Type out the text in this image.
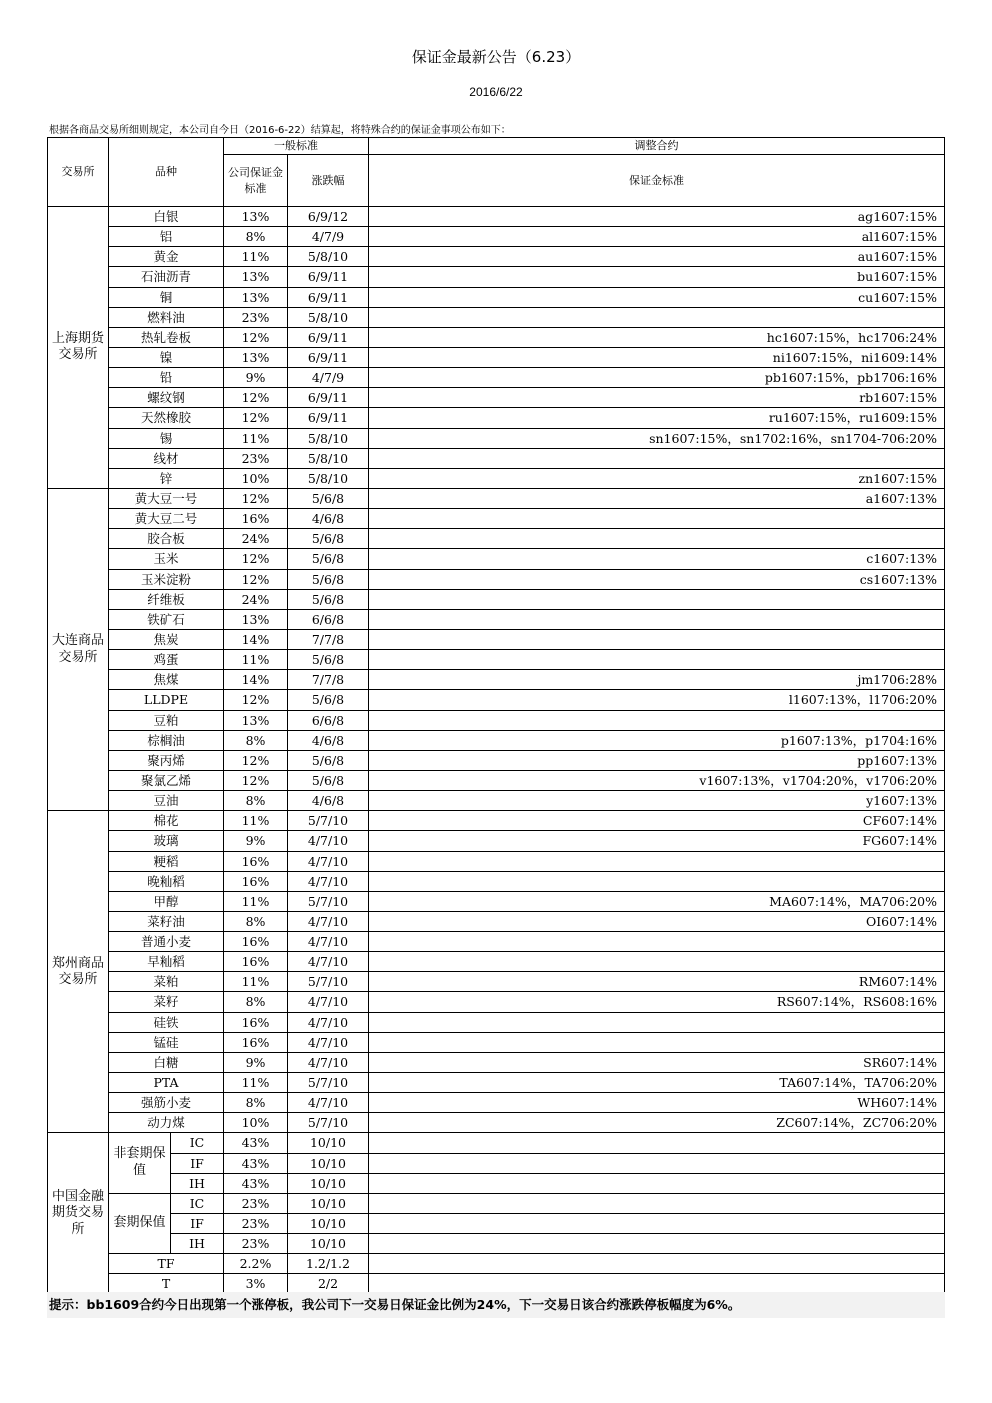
保证金最新公告（6.23）
2016/6/22
根据各商品交易所细则规定，本公司自今日（2016-6-22）结算起，将特殊合约的保证金事项公布如下：
交易所	品种		一般标准		调整合约
			公司保证金标准	涨跌幅	保证金标准
上海期货交易所	白银		13%	6/9/12	ag1607:15%
	铝		8%	4/7/9	al1607:15%
	黄金		11%	5/8/10	au1607:15%
	石油沥青		13%	6/9/11	bu1607:15%
	铜		13%	6/9/11	cu1607:15%
	燃料油		23%	5/8/10	
	热轧卷板		12%	6/9/11	hc1607:15%，hc1706:24%
	镍		13%	6/9/11	ni1607:15%，ni1609:14%
	铅		9%	4/7/9	pb1607:15%，pb1706:16%
	螺纹钢		12%	6/9/11	rb1607:15%
	天然橡胶		12%	6/9/11	ru1607:15%，ru1609:15%
	锡		11%	5/8/10	sn1607:15%，sn1702:16%，sn1704-706:20%
	线材		23%	5/8/10	
	锌		10%	5/8/10	zn1607:15%
大连商品交易所	黄大豆一号		12%	5/6/8	a1607:13%
	黄大豆二号		16%	4/6/8	
	胶合板		24%	5/6/8	
	玉米		12%	5/6/8	c1607:13%
	玉米淀粉		12%	5/6/8	cs1607:13%
	纤维板		24%	5/6/8	
	铁矿石		13%	6/6/8	
	焦炭		14%	7/7/8	
	鸡蛋		11%	5/6/8	
	焦煤		14%	7/7/8	jm1706:28%
	LLDPE		12%	5/6/8	l1607:13%，l1706:20%
	豆粕		13%	6/6/8	
	棕榈油		8%	4/6/8	p1607:13%，p1704:16%
	聚丙烯		12%	5/6/8	pp1607:13%
	聚氯乙烯		12%	5/6/8	v1607:13%，v1704:20%，v1706:20%
	豆油		8%	4/6/8	y1607:13%
郑州商品交易所	棉花		11%	5/7/10	CF607:14%
	玻璃		9%	4/7/10	FG607:14%
	粳稻		16%	4/7/10	
	晚籼稻		16%	4/7/10	
	甲醇		11%	5/7/10	MA607:14%，MA706:20%
	菜籽油		8%	4/7/10	OI607:14%
	普通小麦		16%	4/7/10	
	早籼稻		16%	4/7/10	
	菜粕		11%	5/7/10	RM607:14%
	菜籽		8%	4/7/10	RS607:14%，RS608:16%
	硅铁		16%	4/7/10	
	锰硅		16%	4/7/10	
	白糖		9%	4/7/10	SR607:14%
	PTA		11%	5/7/10	TA607:14%，TA706:20%
	强筋小麦		8%	4/7/10	WH607:14%
	动力煤		10%	5/7/10	ZC607:14%，ZC706:20%
中国金融期货交易所	非套期保值	IC	43%	10/10	
		IF	43%	10/10	
		IH	43%	10/10	
	套期保值	IC	23%	10/10	
		IF	23%	10/10	
		IH	23%	10/10	
	TF		2.2%	1.2/1.2	
	T		3%	2/2	
提示：bb1609合约今日出现第一个涨停板，我公司下一交易日保证金比例为24%，下一交易日该合约涨跌停板幅度为6%。
